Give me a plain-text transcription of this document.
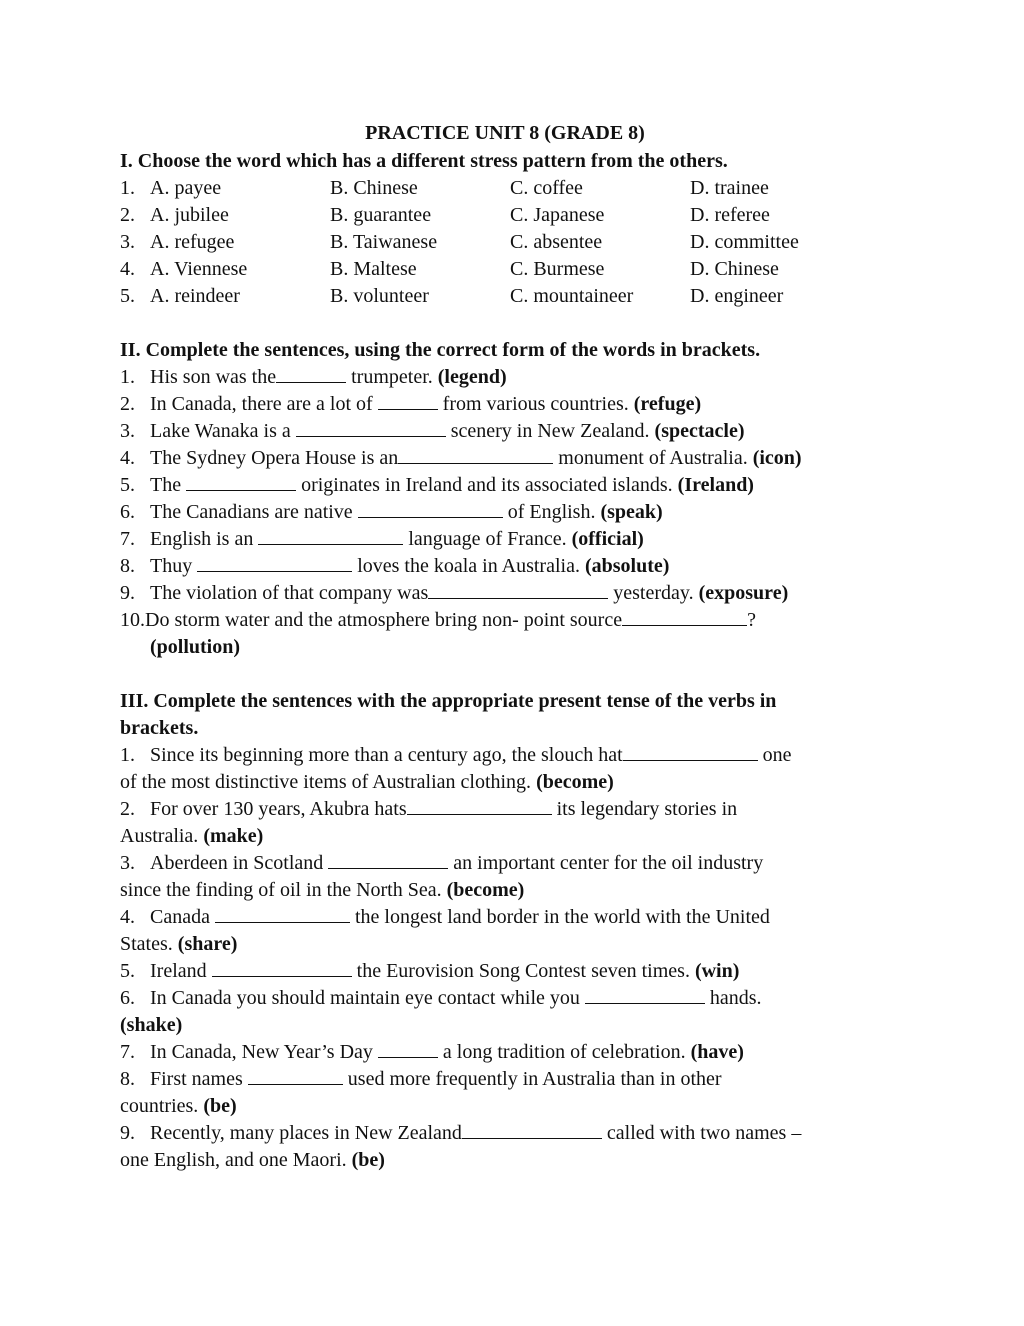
PRACTICE UNIT 8 (GRADE 8)
I. Choose the word which has a different stress pattern from the others.
1. A. payee	B. Chinese	C. coffee	D. trainee
2. A. jubilee	B. guarantee	C. Japanese	D. referee
3. A. refugee	B. Taiwanese	C. absentee	D. committee
4. A. Viennese	B. Maltese	C. Burmese	D. Chinese
5. A. reindeer	B. volunteer	C. mountaineer	D. engineer
II. Complete the sentences, using the correct form of the words in brackets.
1. His son was the	trumpeter. (legend)
2. In Canada, there are a lot of	from various countries. (refuge)
3. Lake Wanaka is a	scenery in New Zealand. (spectacle)
4. The Sydney Opera House is an	monument of Australia. (icon)
5. The	originates in Ireland and its associated islands. (Ireland)
6. The Canadians are native	of English. (speak)
7. English is an	language of France. (official)
8. Thuy	loves the koala in Australia. (absolute)
9. The violation of that company was	yesterday. (exposure)
10.Do storm water and the atmosphere bring non- point source	?
(pollution)
III. Complete the sentences with the appropriate present tense of the verbs in
brackets.
1. Since its beginning more than a century ago, the slouch hat	one
of the most distinctive items of Australian clothing. (become)
2. For over 130 years, Akubra hats	its legendary stories in
Australia. (make)
3. Aberdeen in Scotland	an important center for the oil industry
since the finding of oil in the North Sea. (become)
4. Canada	the longest land border in the world with the United
States. (share)
5. Ireland	the Eurovision Song Contest seven times. (win)
6. In Canada you should maintain eye contact while you	hands.
(shake)
7. In Canada, New Year’s Day	a long tradition of celebration. (have)
8. First names	used more frequently in Australia than in other
countries. (be)
9. Recently, many places in New Zealand	called with two names –
one English, and one Maori. (be)
